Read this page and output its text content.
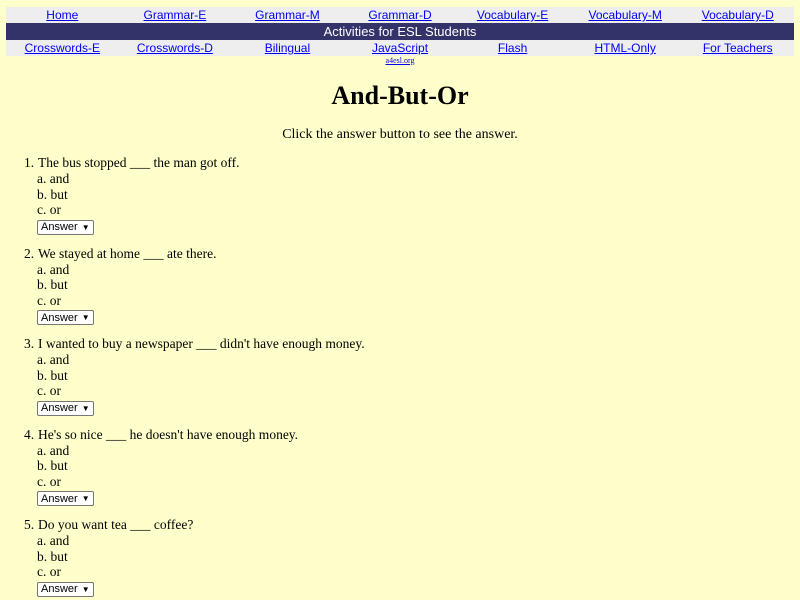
Home	Grammar-E	Grammar-M	Grammar-D	Vocabulary-E	Vocabulary-M	Vocabulary-D
Activities for ESL Students
Crosswords-E	Crosswords-D	Bilingual	JavaScript	Flash	HTML-Only	For Teachers
a4esl.org
And-But-Or
Click the answer button to see the answer.
1. The bus stopped ___ the man got off.
a. and
b. but
c. or
Answer ▼
2. We stayed at home ___ ate there.
a. and
b. but
c. or
Answer ▼
3. I wanted to buy a newspaper ___ didn't have enough money.
a. and
b. but
c. or
Answer ▼
4. He's so nice ___ he doesn't have enough money.
a. and
b. but
c. or
Answer ▼
5. Do you want tea ___ coffee?
a. and
b. but
c. or
Answer ▼
